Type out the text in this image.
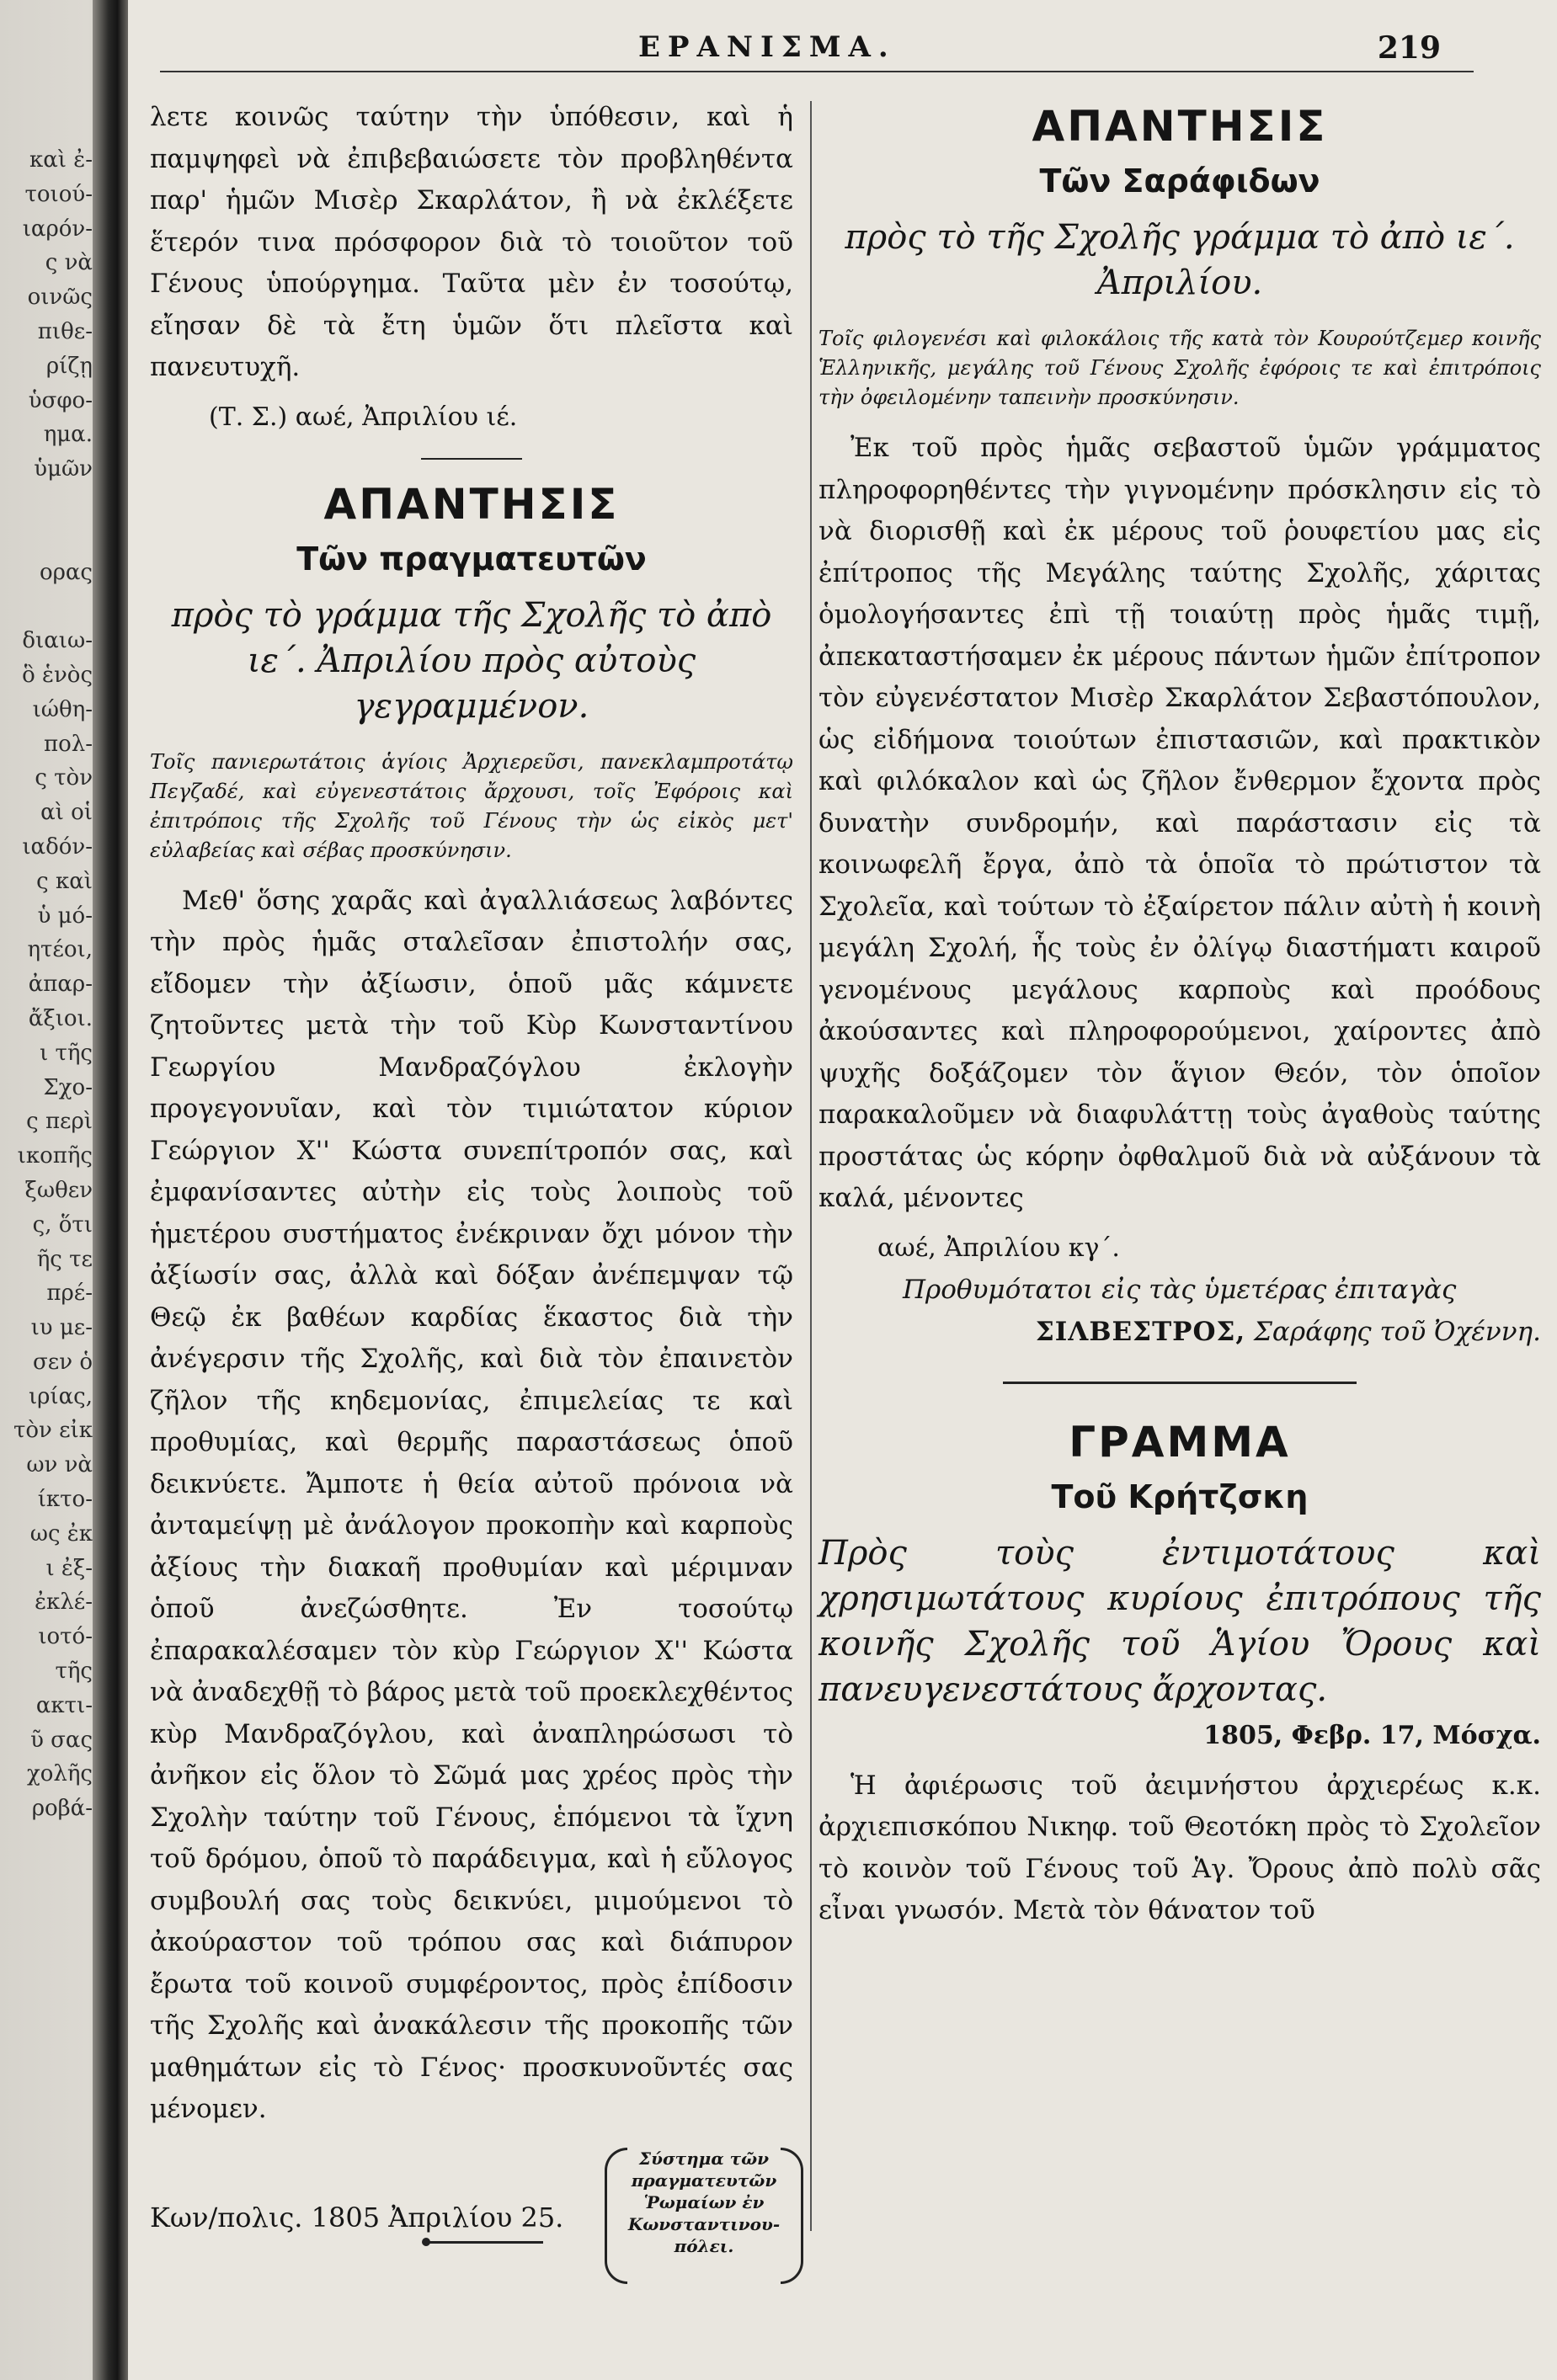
καὶ ἐ-
τοιού-
ιαρόν-
ς νὰ
οινῶς
πιθε-
ρίζῃ
ὑσφο-
ημα.
ὑμῶν
ορας
διαιω-
ὃ ἑνὸς
ιώθη-
πολ-
ς τὸν
αὶ οἱ
ιαδόν-
ς καὶ
ὑ μό-
ητέοι,
ἀπαρ-
ἄξιοι.
ι τῆς
Σχο-
ς περὶ
ικοπῆς
ξωθεν
ς, ὅτι
ῆς τε
πρέ-
ιυ με-
σεν ὁ
ιρίας,
τὸν εἰκ
ων νὰ
ίκτο-
ως ἐκ
ι ἐξ-
ἐκλέ-
ιοτό-
τῆς
ακτι-
ῦ σας
χολῆς
ροβά-
ΕΡΑΝΙΣΜΑ.	219

λετε κοινῶς ταύτην τὴν ὑπόθεσιν, καὶ ἡ παμψηφεὶ νὰ ἐπιβεβαιώσετε τὸν προβληθέντα παρ' ἡμῶν Μισὲρ Σκαρλάτον, ἢ νὰ ἐκλέξετε ἕτερόν τινα πρόσφορον διὰ τὸ τοιοῦτον τοῦ Γένους ὑπούργημα. Ταῦτα μὲν ἐν τοσούτῳ, εἴησαν δὲ τὰ ἔτη ὑμῶν ὅτι πλεῖστα καὶ πανευτυχῆ.

(Τ. Σ.) αωέ, Ἀπριλίου ιέ.

ΑΠΑΝΤΗΣΙΣ
Τῶν πραγματευτῶν

πρὸς τὸ γράμμα τῆς Σχολῆς τὸ ἀπὸ ιε΄. Ἀπριλίου πρὸς αὐτοὺς γεγραμμένον.

Τοῖς πανιερωτάτοις ἁγίοις Ἀρχιερεῦσι, πανεκλαμπροτάτῳ Πεγζαδέ, καὶ εὐγενεστάτοις ἄρχουσι, τοῖς Ἐφόροις καὶ ἐπιτρόποις τῆς Σχολῆς τοῦ Γένους τὴν ὡς εἰκὸς μετ' εὐλαβείας καὶ σέβας προσκύνησιν.

Μεθ' ὅσης χαρᾶς καὶ ἀγαλλιάσεως λαβόντες τὴν πρὸς ἡμᾶς σταλεῖσαν ἐπιστολήν σας, εἴδομεν τὴν ἀξίωσιν, ὁποῦ μᾶς κάμνετε ζητοῦντες μετὰ τὴν τοῦ Κὺρ Κωνσταντίνου Γεωργίου Μανδραζόγλου ἐκλογὴν προγεγονυῖαν, καὶ τὸν τιμιώτατον κύριον Γεώργιον Χ'' Κώστα συνεπίτροπόν σας, καὶ ἐμφανίσαντες αὐτὴν εἰς τοὺς λοιποὺς τοῦ ἡμετέρου συστήματος ἐνέκριναν ὄχι μόνον τὴν ἀξίωσίν σας, ἀλλὰ καὶ δόξαν ἀνέπεμψαν τῷ Θεῷ ἐκ βαθέων καρδίας ἕκαστος διὰ τὴν ἀνέγερσιν τῆς Σχολῆς, καὶ διὰ τὸν ἐπαινετὸν ζῆλον τῆς κηδεμονίας, ἐπιμελείας τε καὶ προθυμίας, καὶ θερμῆς παραστάσεως ὁποῦ δεικνύετε. Ἄμποτε ἡ θεία αὐτοῦ πρόνοια νὰ ἀνταμείψῃ μὲ ἀνάλογον προκοπὴν καὶ καρποὺς ἀξίους τὴν διακαῆ προθυμίαν καὶ μέριμναν ὁποῦ ἀνεζώσθητε. Ἐν τοσούτῳ ἐπαρακαλέσαμεν τὸν κὺρ Γεώργιον Χ'' Κώστα νὰ ἀναδεχθῇ τὸ βάρος μετὰ τοῦ προεκλεχθέντος κὺρ Μανδραζόγλου, καὶ ἀναπληρώσωσι τὸ ἀνῆκον εἰς ὅλον τὸ Σῶμά μας χρέος πρὸς τὴν Σχολὴν ταύτην τοῦ Γένους, ἑπόμενοι τὰ ἴχνη τοῦ δρόμου, ὁποῦ τὸ παράδειγμα, καὶ ἡ εὔλογος συμβουλή σας τοὺς δεικνύει, μιμούμενοι τὸ ἀκούραστον τοῦ τρόπου σας καὶ διάπυρον ἔρωτα τοῦ κοινοῦ συμφέροντος, πρὸς ἐπίδοσιν τῆς Σχολῆς καὶ ἀνακάλεσιν τῆς προκοπῆς τῶν μαθημάτων εἰς τὸ Γένος· προσκυνοῦντές σας μένομεν.

Κων/πολις. 1805 Ἀπριλίου 25.
Σύστημα τῶν
πραγματευτῶν
Ῥωμαίων ἐν
Κωνσταντινου-
πόλει.
ΑΠΑΝΤΗΣΙΣ
Τῶν Σαράφιδων

πρὸς τὸ τῆς Σχολῆς γράμμα τὸ ἀπὸ ιε΄. Ἀπριλίου.

Τοῖς φιλογενέσι καὶ φιλοκάλοις τῆς κατὰ τὸν Κουρούτζεμερ κοινῆς Ἑλληνικῆς, μεγάλης τοῦ Γένους Σχολῆς ἐφόροις τε καὶ ἐπιτρόποις τὴν ὀφειλομένην ταπεινὴν προσκύνησιν.

Ἐκ τοῦ πρὸς ἡμᾶς σεβαστοῦ ὑμῶν γράμματος πληροφορηθέντες τὴν γιγνομένην πρόσκλησιν εἰς τὸ νὰ διορισθῇ καὶ ἐκ μέρους τοῦ ῥουφετίου μας εἰς ἐπίτροπος τῆς Μεγάλης ταύτης Σχολῆς, χάριτας ὁμολογήσαντες ἐπὶ τῇ τοιαύτῃ πρὸς ἡμᾶς τιμῇ, ἀπεκαταστήσαμεν ἐκ μέρους πάντων ἡμῶν ἐπίτροπον τὸν εὐγενέστατον Μισὲρ Σκαρλάτον Σεβαστόπουλον, ὡς εἰδήμονα τοιούτων ἐπιστασιῶν, καὶ πρακτικὸν καὶ φιλόκαλον καὶ ὡς ζῆλον ἔνθερμον ἔχοντα πρὸς δυνατὴν συνδρομήν, καὶ παράστασιν εἰς τὰ κοινωφελῆ ἔργα, ἀπὸ τὰ ὁποῖα τὸ πρώτιστον τὰ Σχολεῖα, καὶ τούτων τὸ ἐξαίρετον πάλιν αὐτὴ ἡ κοινὴ μεγάλη Σχολή, ἧς τοὺς ἐν ὀλίγῳ διαστήματι καιροῦ γενομένους μεγάλους καρποὺς καὶ προόδους ἀκούσαντες καὶ πληροφορούμενοι, χαίροντες ἀπὸ ψυχῆς δοξάζομεν τὸν ἅγιον Θεόν, τὸν ὁποῖον παρακαλοῦμεν νὰ διαφυλάττῃ τοὺς ἀγαθοὺς ταύτης προστάτας ὡς κόρην ὀφθαλμοῦ διὰ νὰ αὐξάνουν τὰ καλά, μένοντες

αωέ, Ἀπριλίου κγ΄.

Προθυμότατοι εἰς τὰς ὑμετέρας ἐπιταγὰς

ΣΙΛΒΕΣΤΡΟΣ, Σαράφης τοῦ Ὀχέννη.

ΓΡΑΜΜΑ
Τοῦ Κρήτζσκη

Πρὸς τοὺς ἐντιμοτάτους καὶ χρησιμωτάτους κυρίους ἐπιτρόπους τῆς κοινῆς Σχολῆς τοῦ Ἁγίου Ὄρους καὶ πανευγενεστάτους ἄρχοντας.

1805, Φεβρ. 17, Μόσχα.

Ἡ ἀφιέρωσις τοῦ ἀειμνήστου ἀρχιερέως κ.κ. ἀρχιεπισκόπου Νικηφ. τοῦ Θεοτόκη πρὸς τὸ Σχολεῖον τὸ κοινὸν τοῦ Γένους τοῦ Ἁγ. Ὄρους ἀπὸ πολὺ σᾶς εἶναι γνωσόν. Μετὰ τὸν θάνατον τοῦ
